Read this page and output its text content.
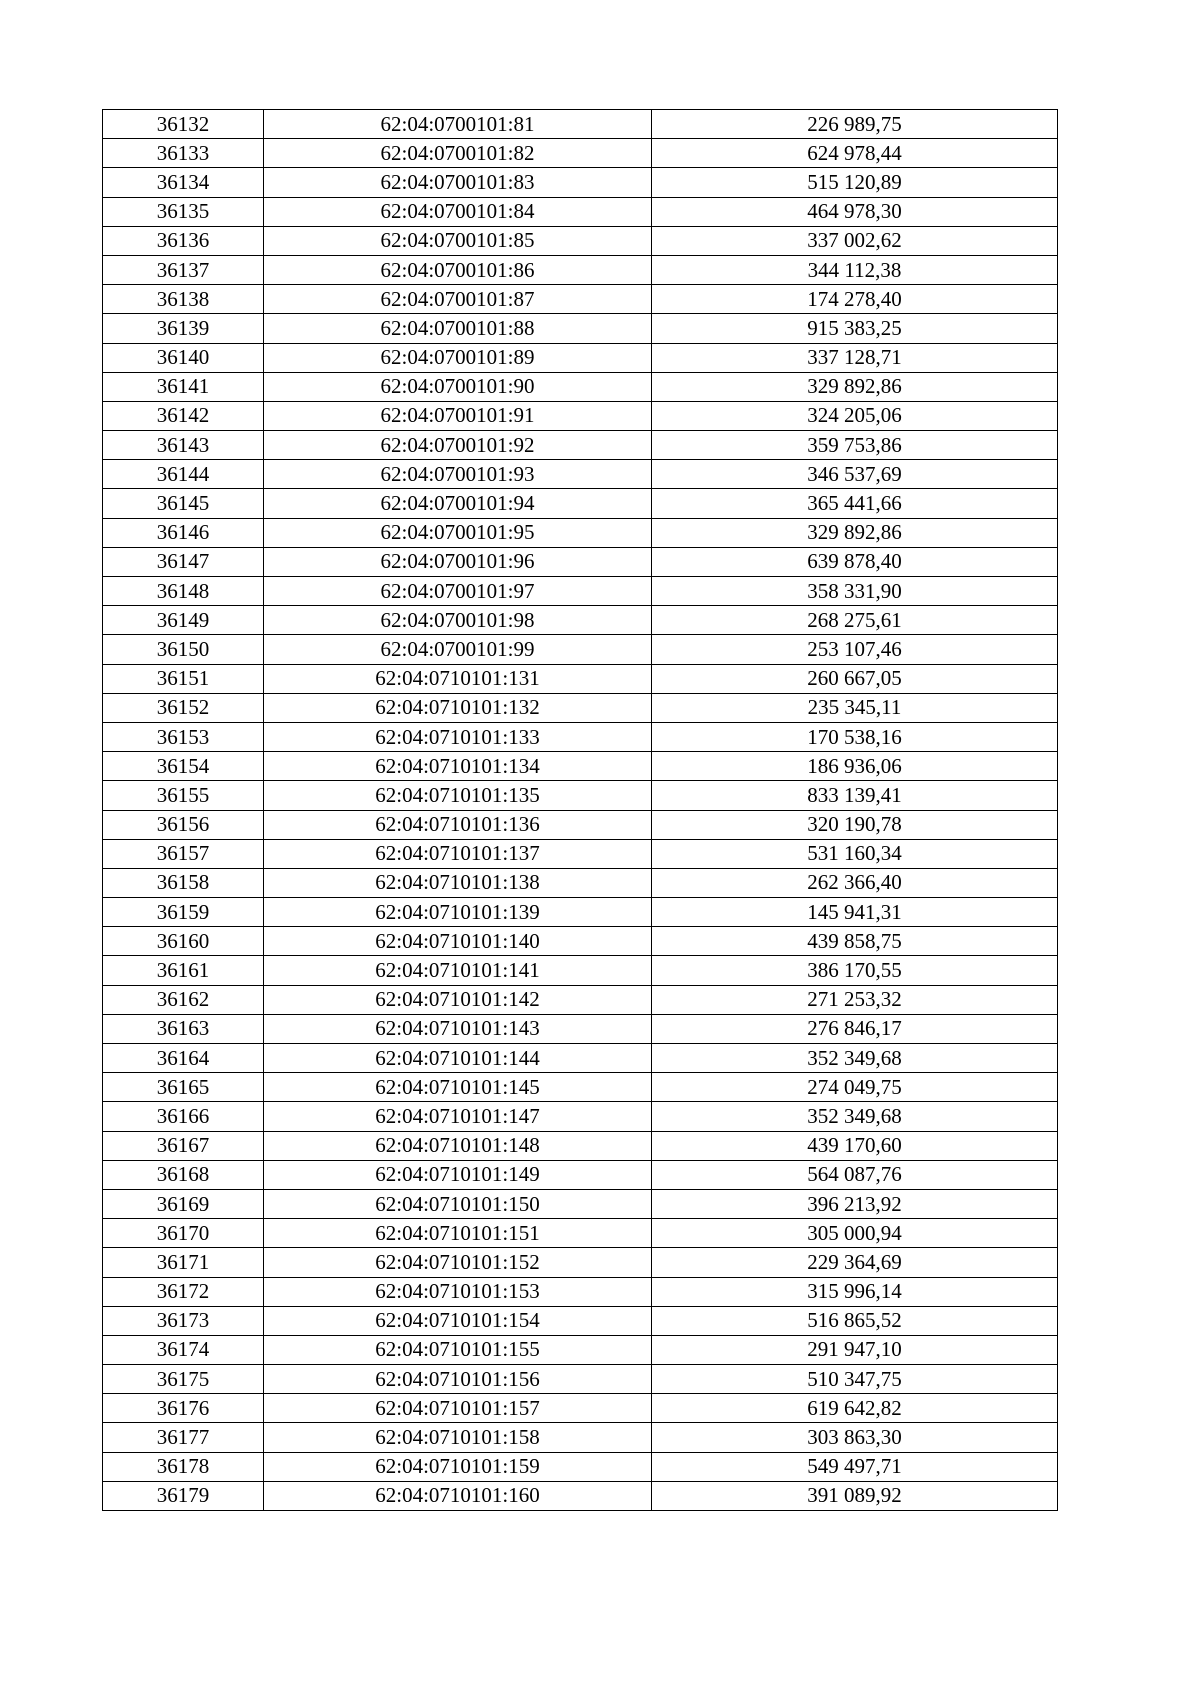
36132	62:04:0700101:81	226 989,75
36133	62:04:0700101:82	624 978,44
36134	62:04:0700101:83	515 120,89
36135	62:04:0700101:84	464 978,30
36136	62:04:0700101:85	337 002,62
36137	62:04:0700101:86	344 112,38
36138	62:04:0700101:87	174 278,40
36139	62:04:0700101:88	915 383,25
36140	62:04:0700101:89	337 128,71
36141	62:04:0700101:90	329 892,86
36142	62:04:0700101:91	324 205,06
36143	62:04:0700101:92	359 753,86
36144	62:04:0700101:93	346 537,69
36145	62:04:0700101:94	365 441,66
36146	62:04:0700101:95	329 892,86
36147	62:04:0700101:96	639 878,40
36148	62:04:0700101:97	358 331,90
36149	62:04:0700101:98	268 275,61
36150	62:04:0700101:99	253 107,46
36151	62:04:0710101:131	260 667,05
36152	62:04:0710101:132	235 345,11
36153	62:04:0710101:133	170 538,16
36154	62:04:0710101:134	186 936,06
36155	62:04:0710101:135	833 139,41
36156	62:04:0710101:136	320 190,78
36157	62:04:0710101:137	531 160,34
36158	62:04:0710101:138	262 366,40
36159	62:04:0710101:139	145 941,31
36160	62:04:0710101:140	439 858,75
36161	62:04:0710101:141	386 170,55
36162	62:04:0710101:142	271 253,32
36163	62:04:0710101:143	276 846,17
36164	62:04:0710101:144	352 349,68
36165	62:04:0710101:145	274 049,75
36166	62:04:0710101:147	352 349,68
36167	62:04:0710101:148	439 170,60
36168	62:04:0710101:149	564 087,76
36169	62:04:0710101:150	396 213,92
36170	62:04:0710101:151	305 000,94
36171	62:04:0710101:152	229 364,69
36172	62:04:0710101:153	315 996,14
36173	62:04:0710101:154	516 865,52
36174	62:04:0710101:155	291 947,10
36175	62:04:0710101:156	510 347,75
36176	62:04:0710101:157	619 642,82
36177	62:04:0710101:158	303 863,30
36178	62:04:0710101:159	549 497,71
36179	62:04:0710101:160	391 089,92
